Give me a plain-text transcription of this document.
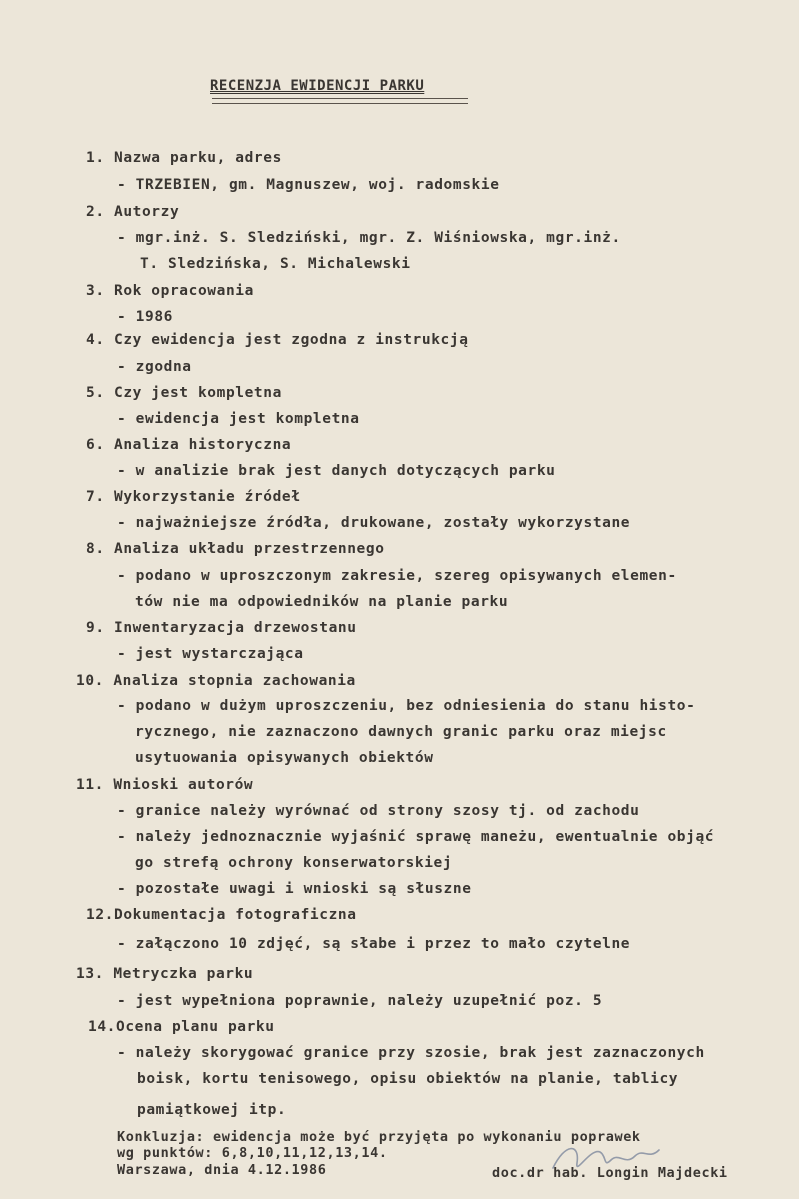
RECENZJA EWIDENCJI PARKU
1. Nazwa parku, adres
- TRZEBIEN, gm. Magnuszew, woj. radomskie
2. Autorzy
- mgr.inż. S. Sledziński, mgr. Z. Wiśniowska, mgr.inż.
T. Sledzińska, S. Michalewski
3. Rok opracowania
- 1986
4. Czy ewidencja jest zgodna z instrukcją
- zgodna
5. Czy jest kompletna
- ewidencja jest kompletna
6. Analiza historyczna
- w analizie brak jest danych dotyczących parku
7. Wykorzystanie źródeł
- najważniejsze źródła, drukowane, zostały wykorzystane
8. Analiza układu przestrzennego
- podano w uproszczonym zakresie, szereg opisywanych elemen-
tów nie ma odpowiedników na planie parku
9. Inwentaryzacja drzewostanu
- jest wystarczająca
10. Analiza stopnia zachowania
- podano w dużym uproszczeniu, bez odniesienia do stanu histo-
rycznego, nie zaznaczono dawnych granic parku oraz miejsc
usytuowania opisywanych obiektów
11. Wnioski autorów
- granice należy wyrównać od strony szosy tj. od zachodu
- należy jednoznacznie wyjaśnić sprawę maneżu, ewentualnie objąć
go strefą ochrony konserwatorskiej
- pozostałe uwagi i wnioski są słuszne
12.Dokumentacja fotograficzna
- załączono 10 zdjęć, są słabe i przez to mało czytelne
13. Metryczka parku
- jest wypełniona poprawnie, należy uzupełnić poz. 5
14.Ocena planu parku
- należy skorygować granice przy szosie, brak jest zaznaczonych
boisk, kortu tenisowego, opisu obiektów na planie, tablicy
pamiątkowej itp.
Konkluzja: ewidencja może być przyjęta po wykonaniu poprawek
wg punktów: 6,8,10,11,12,13,14.
Warszawa, dnia 4.12.1986	doc.dr hab. Longin Majdecki
